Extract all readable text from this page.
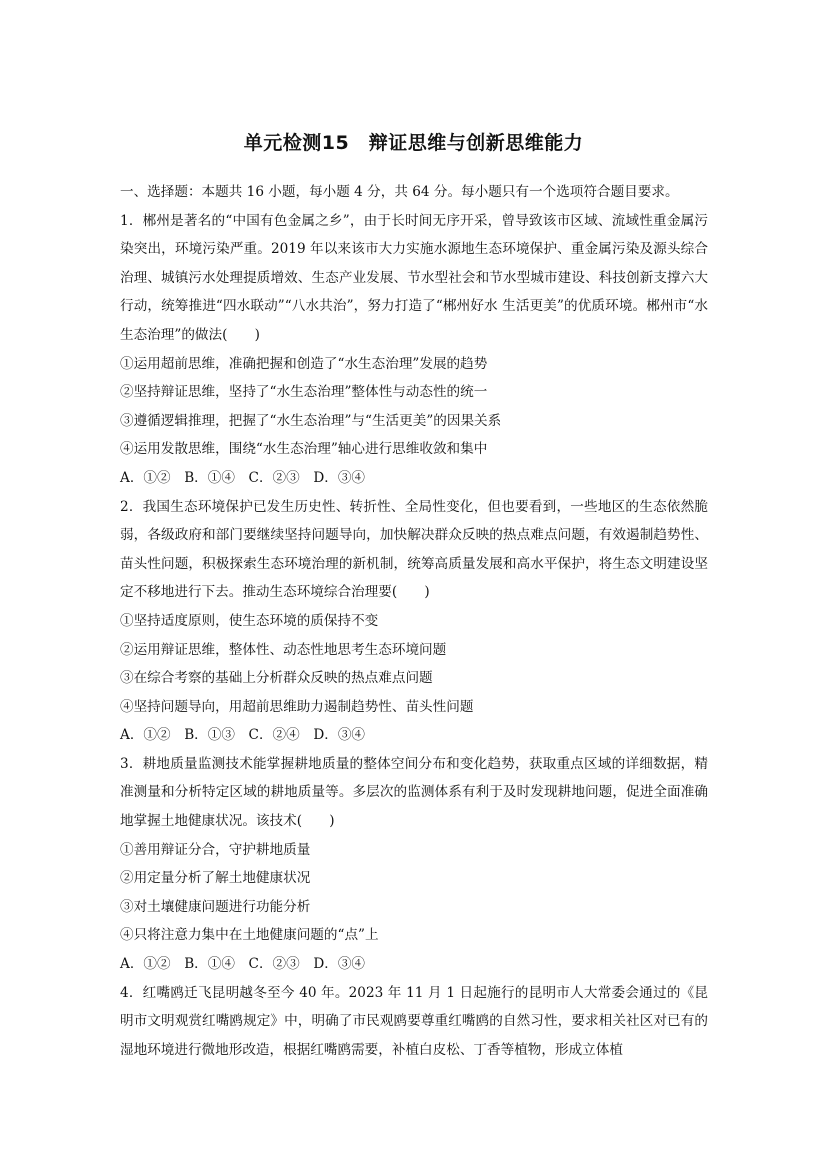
单元检测15　辩证思维与创新思维能力

一、选择题：本题共 16 小题，每小题 4 分，共 64 分。每小题只有一个选项符合题目要求。

1．郴州是著名的“中国有色金属之乡”，由于长时间无序开采，曾导致该市区域、流域性重金属污染突出，环境污染严重。2019 年以来该市大力实施水源地生态环境保护、重金属污染及源头综合治理、城镇污水处理提质增效、生态产业发展、节水型社会和节水型城市建设、科技创新支撑六大行动，统筹推进“四水联动”“八水共治”，努力打造了“郴州好水 生活更美”的优质环境。郴州市“水生态治理”的做法(　　)

①运用超前思维，准确把握和创造了“水生态治理”发展的趋势

②坚持辩证思维，坚持了“水生态治理”整体性与动态性的统一

③遵循逻辑推理，把握了“水生态治理”与“生活更美”的因果关系

④运用发散思维，围绕“水生态治理”轴心进行思维收敛和集中

A．①②　B．①④　C．②③　D．③④

2．我国生态环境保护已发生历史性、转折性、全局性变化，但也要看到，一些地区的生态依然脆弱，各级政府和部门要继续坚持问题导向，加快解决群众反映的热点难点问题，有效遏制趋势性、苗头性问题，积极探索生态环境治理的新机制，统筹高质量发展和高水平保护，将生态文明建设坚定不移地进行下去。推动生态环境综合治理要(　　)

①坚持适度原则，使生态环境的质保持不变

②运用辩证思维，整体性、动态性地思考生态环境问题

③在综合考察的基础上分析群众反映的热点难点问题

④坚持问题导向，用超前思维助力遏制趋势性、苗头性问题

A．①②　B．①③　C．②④　D．③④

3．耕地质量监测技术能掌握耕地质量的整体空间分布和变化趋势，获取重点区域的详细数据，精准测量和分析特定区域的耕地质量等。多层次的监测体系有利于及时发现耕地问题，促进全面准确地掌握土地健康状况。该技术(　　)

①善用辩证分合，守护耕地质量

②用定量分析了解土地健康状况

③对土壤健康问题进行功能分析

④只将注意力集中在土地健康问题的“点”上

A．①②　B．①④　C．②③　D．③④

4．红嘴鸥迁飞昆明越冬至今 40 年。2023 年 11 月 1 日起施行的昆明市人大常委会通过的《昆明市文明观赏红嘴鸥规定》中，明确了市民观鸥要尊重红嘴鸥的自然习性，要求相关社区对已有的湿地环境进行微地形改造，根据红嘴鸥需要，补植白皮松、丁香等植物，形成立体植
